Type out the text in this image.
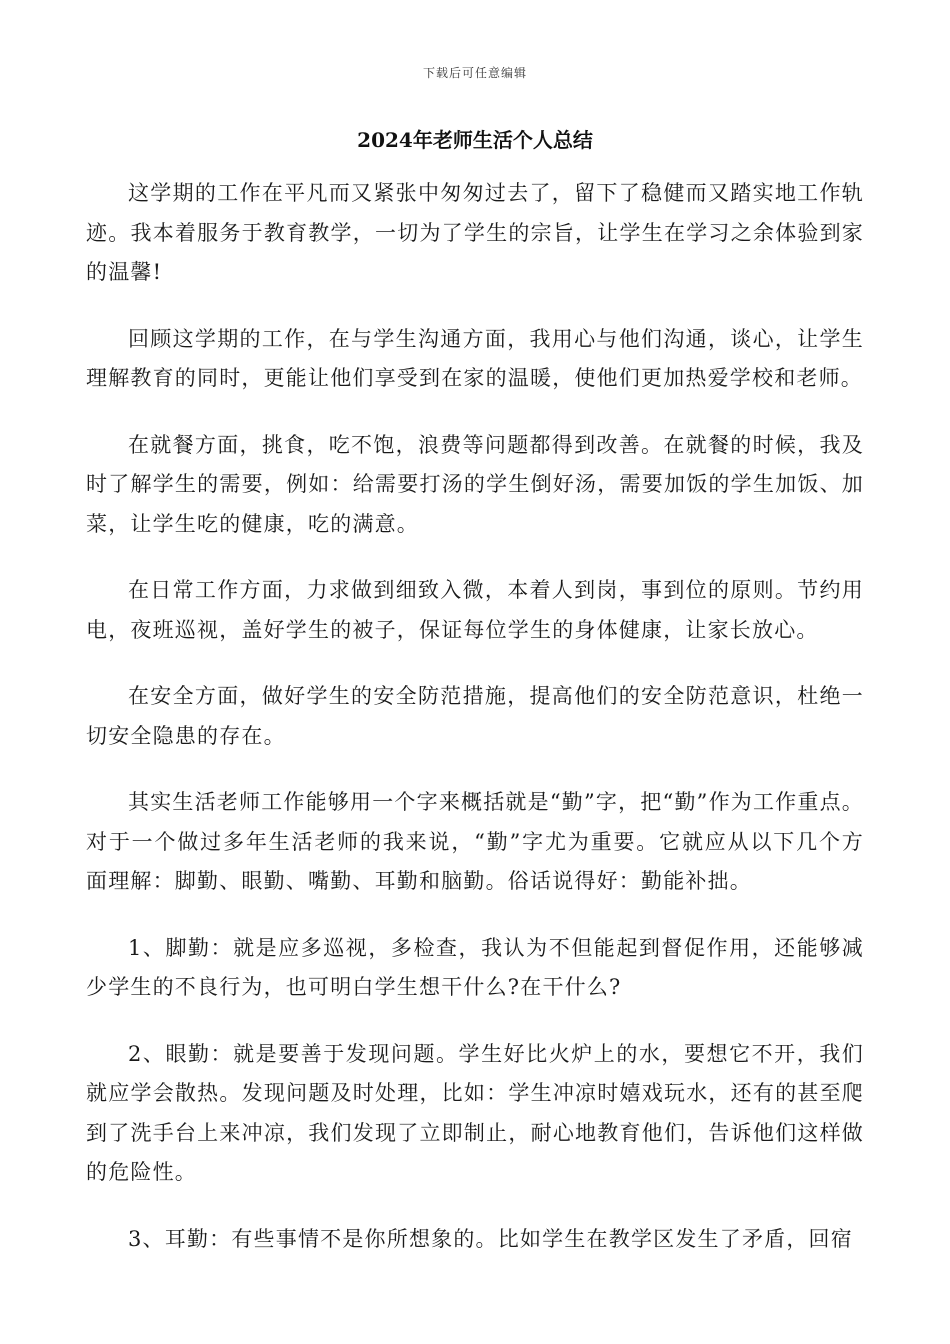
下载后可任意编辑
2024年老师生活个人总结

这学期的工作在平凡而又紧张中匆匆过去了，留下了稳健而又踏实地工作轨迹。我本着服务于教育教学，一切为了学生的宗旨，让学生在学习之余体验到家的温馨!

回顾这学期的工作，在与学生沟通方面，我用心与他们沟通，谈心，让学生理解教育的同时，更能让他们享受到在家的温暖，使他们更加热爱学校和老师。

在就餐方面，挑食，吃不饱，浪费等问题都得到改善。在就餐的时候，我及时了解学生的需要，例如：给需要打汤的学生倒好汤，需要加饭的学生加饭、加菜，让学生吃的健康，吃的满意。

在日常工作方面，力求做到细致入微，本着人到岗，事到位的原则。节约用电，夜班巡视，盖好学生的被子，保证每位学生的身体健康，让家长放心。

在安全方面，做好学生的安全防范措施，提高他们的安全防范意识，杜绝一切安全隐患的存在。

其实生活老师工作能够用一个字来概括就是“勤”字，把“勤”作为工作重点。对于一个做过多年生活老师的我来说，“勤”字尤为重要。它就应从以下几个方面理解：脚勤、眼勤、嘴勤、耳勤和脑勤。俗话说得好：勤能补拙。

1、脚勤：就是应多巡视，多检查，我认为不但能起到督促作用，还能够减少学生的不良行为，也可明白学生想干什么?在干什么?

2、眼勤：就是要善于发现问题。学生好比火炉上的水，要想它不开，我们就应学会散热。发现问题及时处理，比如：学生冲凉时嬉戏玩水，还有的甚至爬到了洗手台上来冲凉，我们发现了立即制止，耐心地教育他们，告诉他们这样做的危险性。

3、耳勤：有些事情不是你所想象的。比如学生在教学区发生了矛盾，回宿
